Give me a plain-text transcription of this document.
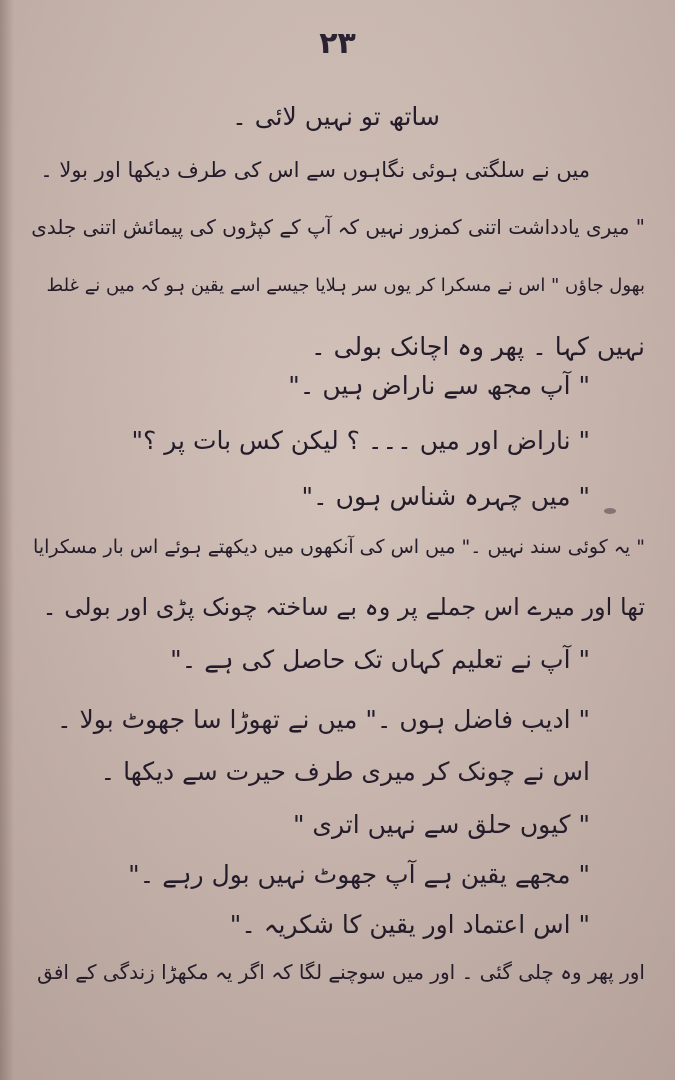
۲۳
ساتھ تو نہیں لائی ۔
میں نے سلگتی ہوئی نگاہوں سے اس کی طرف دیکھا اور بولا ۔
" میری یادداشت اتنی کمزور نہیں کہ آپ کے کپڑوں کی پیمائش اتنی جلدی
بھول جاؤں " اس نے مسکرا کر یوں سر ہلایا جیسے اسے یقین ہو کہ میں نے غلط
نہیں کہا ۔ پھر وہ اچانک بولی ۔
" آپ مجھ سے ناراض ہیں ۔"
" ناراض اور میں ۔۔۔ ؟ لیکن کس بات پر ؟"
" میں چہرہ شناس ہوں ۔"
" یہ کوئی سند نہیں ۔" میں اس کی آنکھوں میں دیکھتے ہوئے اس بار مسکرایا
تھا اور میرے اس جملے پر وہ بے ساختہ چونک پڑی اور بولی ۔
" آپ نے تعلیم کہاں تک حاصل کی ہے ۔"
" ادیب فاضل ہوں ۔" میں نے تھوڑا سا جھوٹ بولا ۔
اس نے چونک کر میری طرف حیرت سے دیکھا ۔
" کیوں حلق سے نہیں اتری "
" مجھے یقین ہے آپ جھوٹ نہیں بول رہے ۔"
" اس اعتماد اور یقین کا شکریہ ۔"
اور پھر وہ چلی گئی ۔ اور میں سوچنے لگا کہ اگر یہ مکھڑا زندگی کے افق
